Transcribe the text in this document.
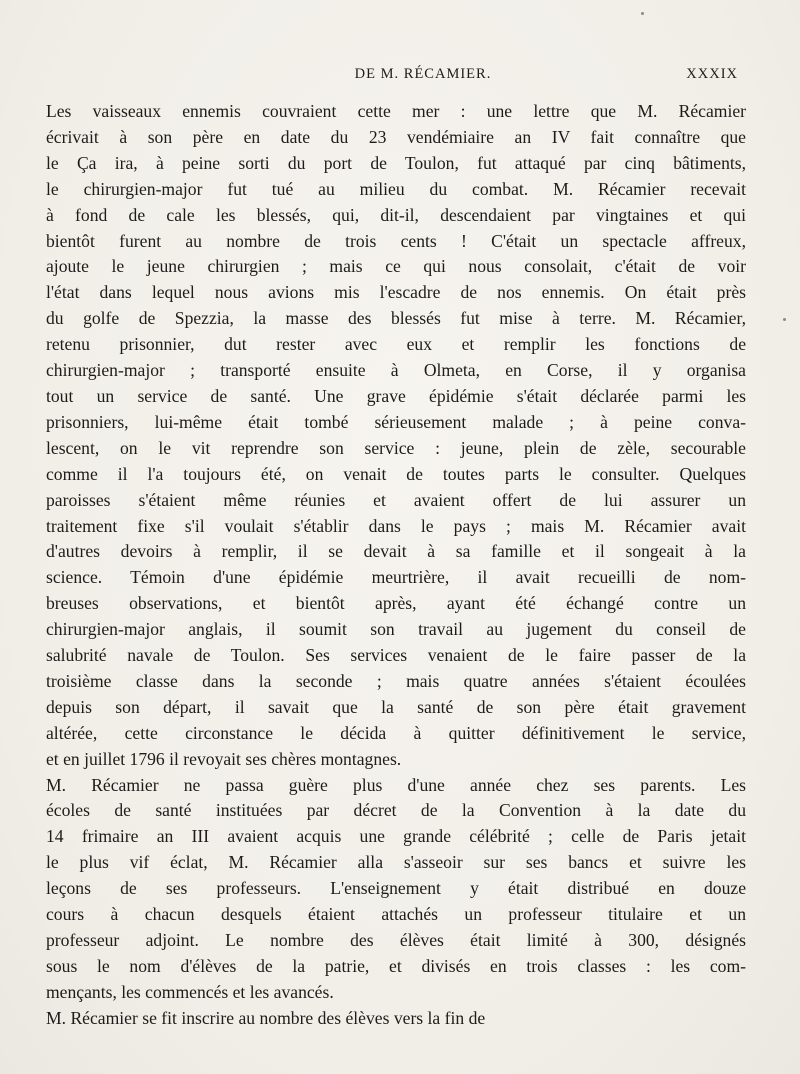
DE M. RÉCAMIER.	XXXIX
Les vaisseaux ennemis couvraient cette mer : une lettre que M. Récamier
écrivait à son père en date du 23 vendémiaire an IV fait connaître que
le Ça ira, à peine sorti du port de Toulon, fut attaqué par cinq bâtiments,
le chirurgien-major fut tué au milieu du combat. M. Récamier recevait
à fond de cale les blessés, qui, dit-il, descendaient par vingtaines et qui
bientôt furent au nombre de trois cents ! C'était un spectacle affreux,
ajoute le jeune chirurgien ; mais ce qui nous consolait, c'était de voir
l'état dans lequel nous avions mis l'escadre de nos ennemis. On était près
du golfe de Spezzia, la masse des blessés fut mise à terre. M. Récamier,
retenu prisonnier, dut rester avec eux et remplir les fonctions de
chirurgien-major ; transporté ensuite à Olmeta, en Corse, il y organisa
tout un service de santé. Une grave épidémie s'était déclarée parmi les
prisonniers, lui-même était tombé sérieusement malade ; à peine conva-
lescent, on le vit reprendre son service : jeune, plein de zèle, secourable
comme il l'a toujours été, on venait de toutes parts le consulter. Quelques
paroisses s'étaient même réunies et avaient offert de lui assurer un
traitement fixe s'il voulait s'établir dans le pays ; mais M. Récamier avait
d'autres devoirs à remplir, il se devait à sa famille et il songeait à la
science. Témoin d'une épidémie meurtrière, il avait recueilli de nom-
breuses observations, et bientôt après, ayant été échangé contre un
chirurgien-major anglais, il soumit son travail au jugement du conseil de
salubrité navale de Toulon. Ses services venaient de le faire passer de la
troisième classe dans la seconde ; mais quatre années s'étaient écoulées
depuis son départ, il savait que la santé de son père était gravement
altérée, cette circonstance le décida à quitter définitivement le service,
et en juillet 1796 il revoyait ses chères montagnes.
M. Récamier ne passa guère plus d'une année chez ses parents. Les
écoles de santé instituées par décret de la Convention à la date du
14 frimaire an III avaient acquis une grande célébrité ; celle de Paris jetait
le plus vif éclat, M. Récamier alla s'asseoir sur ses bancs et suivre les
leçons de ses professeurs. L'enseignement y était distribué en douze
cours à chacun desquels étaient attachés un professeur titulaire et un
professeur adjoint. Le nombre des élèves était limité à 300, désignés
sous le nom d'élèves de la patrie, et divisés en trois classes : les com-
mençants, les commencés et les avancés.
M. Récamier se fit inscrire au nombre des élèves vers la fin de
